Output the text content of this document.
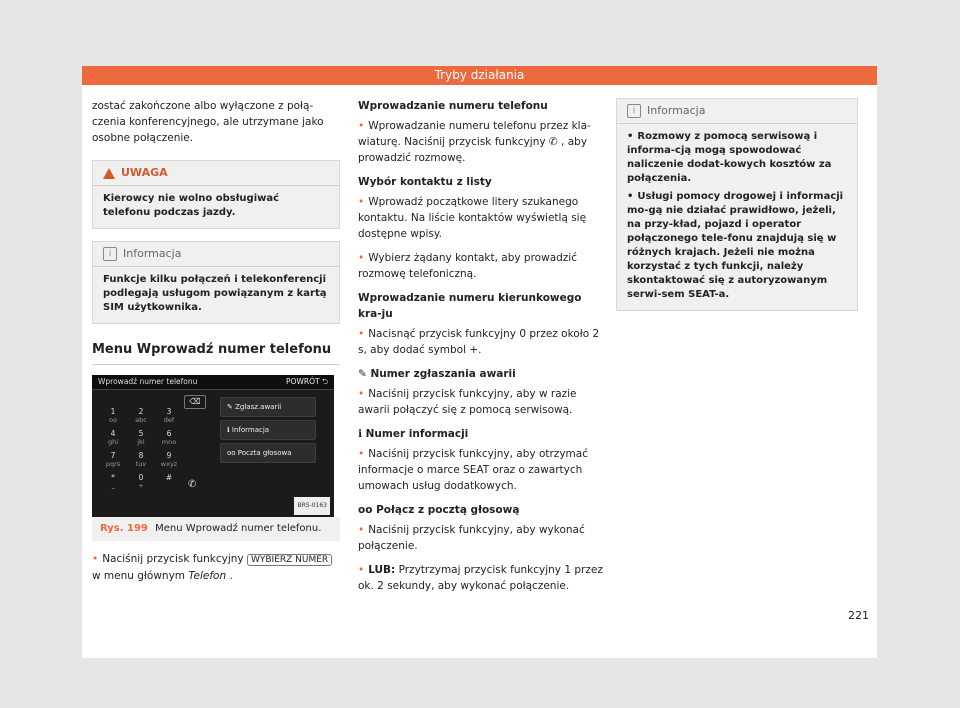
Tryby działania

zostać zakończone albo wyłączone z połą-czenia konferencyjnego, ale utrzymane jako osobne połączenie.

UWAGA
Kierowcy nie wolno obsługiwać telefonu podczas jazdy.
i	Informacja
Funkcje kilku połączeń i telekonferencji podlegają usługom powiązanym z kartą SIM użytkownika.
Menu Wprowadź numer telefonu
Wprowadź numer telefonu	POWRÓT ⮌
⌫
1
ᴏᴏ
2
abc
3
def
4
ghi
5
jkl
6
mno
7
pqrs
8
tuv
9
wxyz
*
⎵
0
+
#
✆
✎ Zgłasz.awarii
ℹ Informacja
ᴏᴏ Poczta głosowa
BRS-0163
Rys. 199 Menu Wprowadź numer telefonu.

• Naciśnij przycisk funkcyjny WYBIERZ NUMER w menu głównym Telefon .

Wprowadzanie numeru telefonu

• Wprowadzanie numeru telefonu przez kla-wiaturę. Naciśnij przycisk funkcyjny ✆ , aby prowadzić rozmowę.

Wybór kontaktu z listy

• Wprowadź początkowe litery szukanego kontaktu. Na liście kontaktów wyświetlą się dostępne wpisy.

• Wybierz żądany kontakt, aby prowadzić rozmowę telefoniczną.

Wprowadzanie numeru kierunkowego kra-ju

• Nacisnąć przycisk funkcyjny 0 przez około 2 s, aby dodać symbol +.

✎ Numer zgłaszania awarii

• Naciśnij przycisk funkcyjny, aby w razie awarii połączyć się z pomocą serwisową.

ℹ Numer informacji

• Naciśnij przycisk funkcyjny, aby otrzymać informacje o marce SEAT oraz o zawartych umowach usług dodatkowych.

ᴏᴏ Połącz z pocztą głosową

• Naciśnij przycisk funkcyjny, aby wykonać połączenie.

• LUB: Przytrzymaj przycisk funkcyjny 1 przez ok. 2 sekundy, aby wykonać połączenie.

i	Informacja

• Rozmowy z pomocą serwisową i informa-cją mogą spowodować naliczenie dodat-kowych kosztów za połączenia.

• Usługi pomocy drogowej i informacji mo-gą nie działać prawidłowo, jeżeli, na przy-kład, pojazd i operator połączonego tele-fonu znajdują się w różnych krajach. Jeżeli nie można korzystać z tych funkcji, należy skontaktować się z autoryzowanym serwi-sem SEAT-a.

221
